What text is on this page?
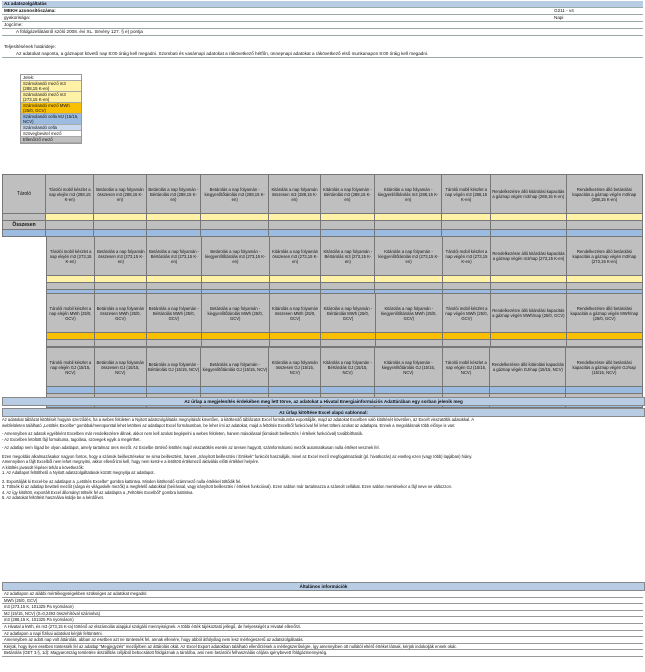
Az adatszolgáltatás
MEKH azonosítószáma:	G211 - v4
gyakorisága:	Napi
Jogcíme:
A földgázellátásról szóló 2008. évi XL. törvény 127. § e) pontja
Teljesítésének határideje:
Az adatokat naponta, a gáznapot követő nap 8:00 óráig kell megadni. Szombati és vasárnapi adatokat a rákövetkező hétfőn, ünnepnapi adatokat a rákövetkező első munkanapon 8:00 óráig kell megadni.
Jelek:
Számolandó mező m3 (288,15 K-en)
Számolandó mező m3 (273,15 K-en)
Számolandó mező MWh (25/0, GCV)
Számolandó cella MJ (15/15, NCV)
Számolandó cella
Szövegbevitel mező
Ellenőrző mező
Tároló	Tárolói mobil készlet a nap elején m3 (288,15 K-en)	Betárolás a nap folyamán összesen m3 (288,15 K-en)	Betárolás a nap folyamán - Bértárolás m3 (288,15 K-en)	Betárolás a nap folyamán - kiegyenlítőtárolás m3 (288,15 K-en)	Kitárolás a nap folyamán összesen m3 (288,15 K-en)	Kitárolás a nap folyamán - Bértárolás m3 (288,15 K-en)	Kitárolás a nap folyamán - kiegyenlítőtárolás m3 (288,15 K-en)	Tárolói mobil készlet a nap végén m3 (288,15 K-en)	Rendelkezésre álló kitárolási kapacitás a gáznap végén m3/nap (288,15 K-en)	Rendelkezésre álló betárolási kapacitás a gáznap végén m3/nap (288,15 K-en)

Összesen										

Tárolói mobil készlet a nap elején m3 (273,15 K-en)	Betárolás a nap folyamán összesen m3 (273,15 K-en)	Betárolás a nap folyamán - Bértárolás m3 (273,15 K-en)	Betárolás a nap folyamán - kiegyenlítőtárolás m3 (273,15 K-en)	Kitárolás a nap folyamán összesen m3 (273,15 K-en)	Kitárolás a nap folyamán - Bértárolás m3 (273,15 K-en)	Kitárolás a nap folyamán - kiegyenlítőtárolás m3 (273,15 K-en)	Tárolói mobil készlet a nap végén m3 (273,15 K-en)	Rendelkezésre álló kitárolási kapacitás a gáznap végén m3/nap (273,15 K-en)	Rendelkezésre álló betárolási kapacitás a gáznap végén m3/nap (273,15 K-en)

Tárolói mobil készlet a nap elején MWh (25/0, GCV)	Betárolás a nap folyamán összesen MWh (25/0, GCV)	Betárolás a nap folyamán - Bértárolás MWh (25/0, GCV)	Betárolás a nap folyamán - kiegyenlítőtárolás MWh (25/0, GCV)	Kitárolás a nap folyamán összesen MWh (25/0, GCV)	Kitárolás a nap folyamán - Bértárolás MWh (25/0, GCV)	Kitárolás a nap folyamán - kiegyenlítőtárolás MWh (25/0, GCV)	Tárolói mobil készlet a nap végén MWh (25/0, GCV)	Rendelkezésre álló kitárolási kapacitás a gáznap végén MWh/nap (25/0, GCV)	Rendelkezésre álló betárolási kapacitás a gáznap végén MWh/nap (25/0, GCV)

Tárolói mobil készlet a nap elején GJ (15/15, NCV)	Betárolás a nap folyamán összesen GJ (15/15, NCV)	Betárolás a nap folyamán - Bértárolás GJ (15/15, NCV)	Betárolás a nap folyamán - kiegyenlítőtárolás GJ (15/15, NCV)	Kitárolás a nap folyamán összesen GJ (15/15, NCV)	Kitárolás a nap folyamán - Bértárolás GJ (15/15, NCV)	Kitárolás a nap folyamán - kiegyenlítőtárolás GJ (15/15, NCV)	Tárolói mobil készlet a nap végén GJ (15/15, NCV)	Rendelkezésre álló kitárolási kapacitás a gáznap végén GJ/nap (15/15, NCV)	Rendelkezésre álló betárolási kapacitás a gáznap végén GJ/nap (15/15, NCV)

Az űrlap a megjelenítés érdekében meg lett törve, az adatokat a Hivatal Energiainformációs Adattárában egy sorban jelenik meg
Az űrlap kitöltése Excel alapú sablonnal:
Az adatokat táblázat kitöltését hogyan szerződés, ha a webes felületen a Nyitott adatszolgáltatás megnyitását követően, a kitöltendő táblázatot Excel formátumba exportálják, majd az adatokat Excelben való kitöltését követően, az Excelt visszatöltik adatokkal. A
webfelületen található „Letöltés Excelbe” gombbal/menüponttal lehet letölteni az adatlapot Excel formátumban, be lehet írni az adatokat, majd a feltöltés Excelből funkcióval fel lehet tölteni azokat az adatlapra. Ennek a megoldásnak több előnye is van:
- Amennyiben az adatok egyébként Excelben már rendelkezésre állnak, akkor nem kell azokat begépelni a webes felületen, hanem másolással (kimásolt beillesztés / értékek funkcióval) továbbíthatók.
- Az Excelben letöltött fájl formátuma, tagolása, szövegek egyik a megérthet.
- Az adatlap nem lógad be olyan adatlapot, amely tartalmaz üres mezőt. Az Excelbe történő letöltés majd visszatöltés esetén az üresen hagyott, számformátumú mezők automatikusan nulla értéket vesznek fel.
Ezen megoldás alkalmazásakor nagyon fontos, hogy a számok beillesztésekor ne sima beillesztést, hanem „Irányított beillesztés / Értékek” funkciót használják, mivel az Excel mező megfogalmazását (pl. hivatkozás) az esetleg ezen (vagy több) lapjában) hiány.
Amennyiben a fájlt Excelből nem lehet megnyitni, akkor ellenőrizni kell, hogy nem kerül-e a letöltött értékmező aktiválás előtti értékkel helyére.
A kitöltés javasolt lépései tehát a következők:
1. Az Adatlapot feltölthető a Nyitott adatszolgáltatások között megnyitja az adatlapot.
2. Exportálják ki Excel-be az adatlapot a „Letöltés Excelbe” gombra kattintva. Minden kitöltendő számmező nulla értékkel töltődik fel.
3. Töltsék ki az adatlap bevitteli mezőit (sárga és világoskék mezők) a megfelelő adatokkal (beírással, vagy irányított beillesztés / értékek funkcióval). Ezen sablon már tartalmazza a számolt cellákat. Ezen sablon mentésekor a fájl neve ne változzon.
4. Az így kitöltött, exportált Excel állományt töltsék fel az adatlapra a „Feltöltés Excelből” gombra kattintva.
5. Az adatokat feltöltést használva küldje be a kérdőívet.
Általános információk
Az adatlapon az alábbi mértékegységekben szükséges az adatokat megadni:
MWh (25/0, GCV)
m3 (273,15 K, 101325 Pa nyomáson)
MJ (15/15, NCV) (0=0,2493 összehítóval számolva)
m3 (288,15 K, 101325 Pa nyomáson)
A Hivatal a kWh, és m3 (273,15 K-ra) történő az elszámolás alapjául szolgáló mennyiségnek. A többi érték tájékoztató jellegű, de helyességét a Hivatal ellenőrzi.
Az adatlapon a napi fizikai adatokat kérjük feltüntetni.
Amennyiben az adott nap volt áttárolás, abban az esetben azt ne tüntessék fel, annak ellenére, hogy abból átfolyólag nem lesz mérlegeszerű az adatszolgáltatás.
Kérjük, hogy ilyen esetben tüntessék fel az adatlap "Megjegyzés" mezőjében az áttárolás okát. Az Excel Export adatokban található ellenőrzések a mérlegszerűségre, így amennyiben ott nullától eltérő értéket látnak, kérjük indokolják ennek okát.
Betárolás (GET 3.§, 1d): Magyarország területére átszállítás céljából bebocsátott földgáznak a tárolóba, ami nem betárolói felhasználás céljára igénybevett földgázmennyiség.
